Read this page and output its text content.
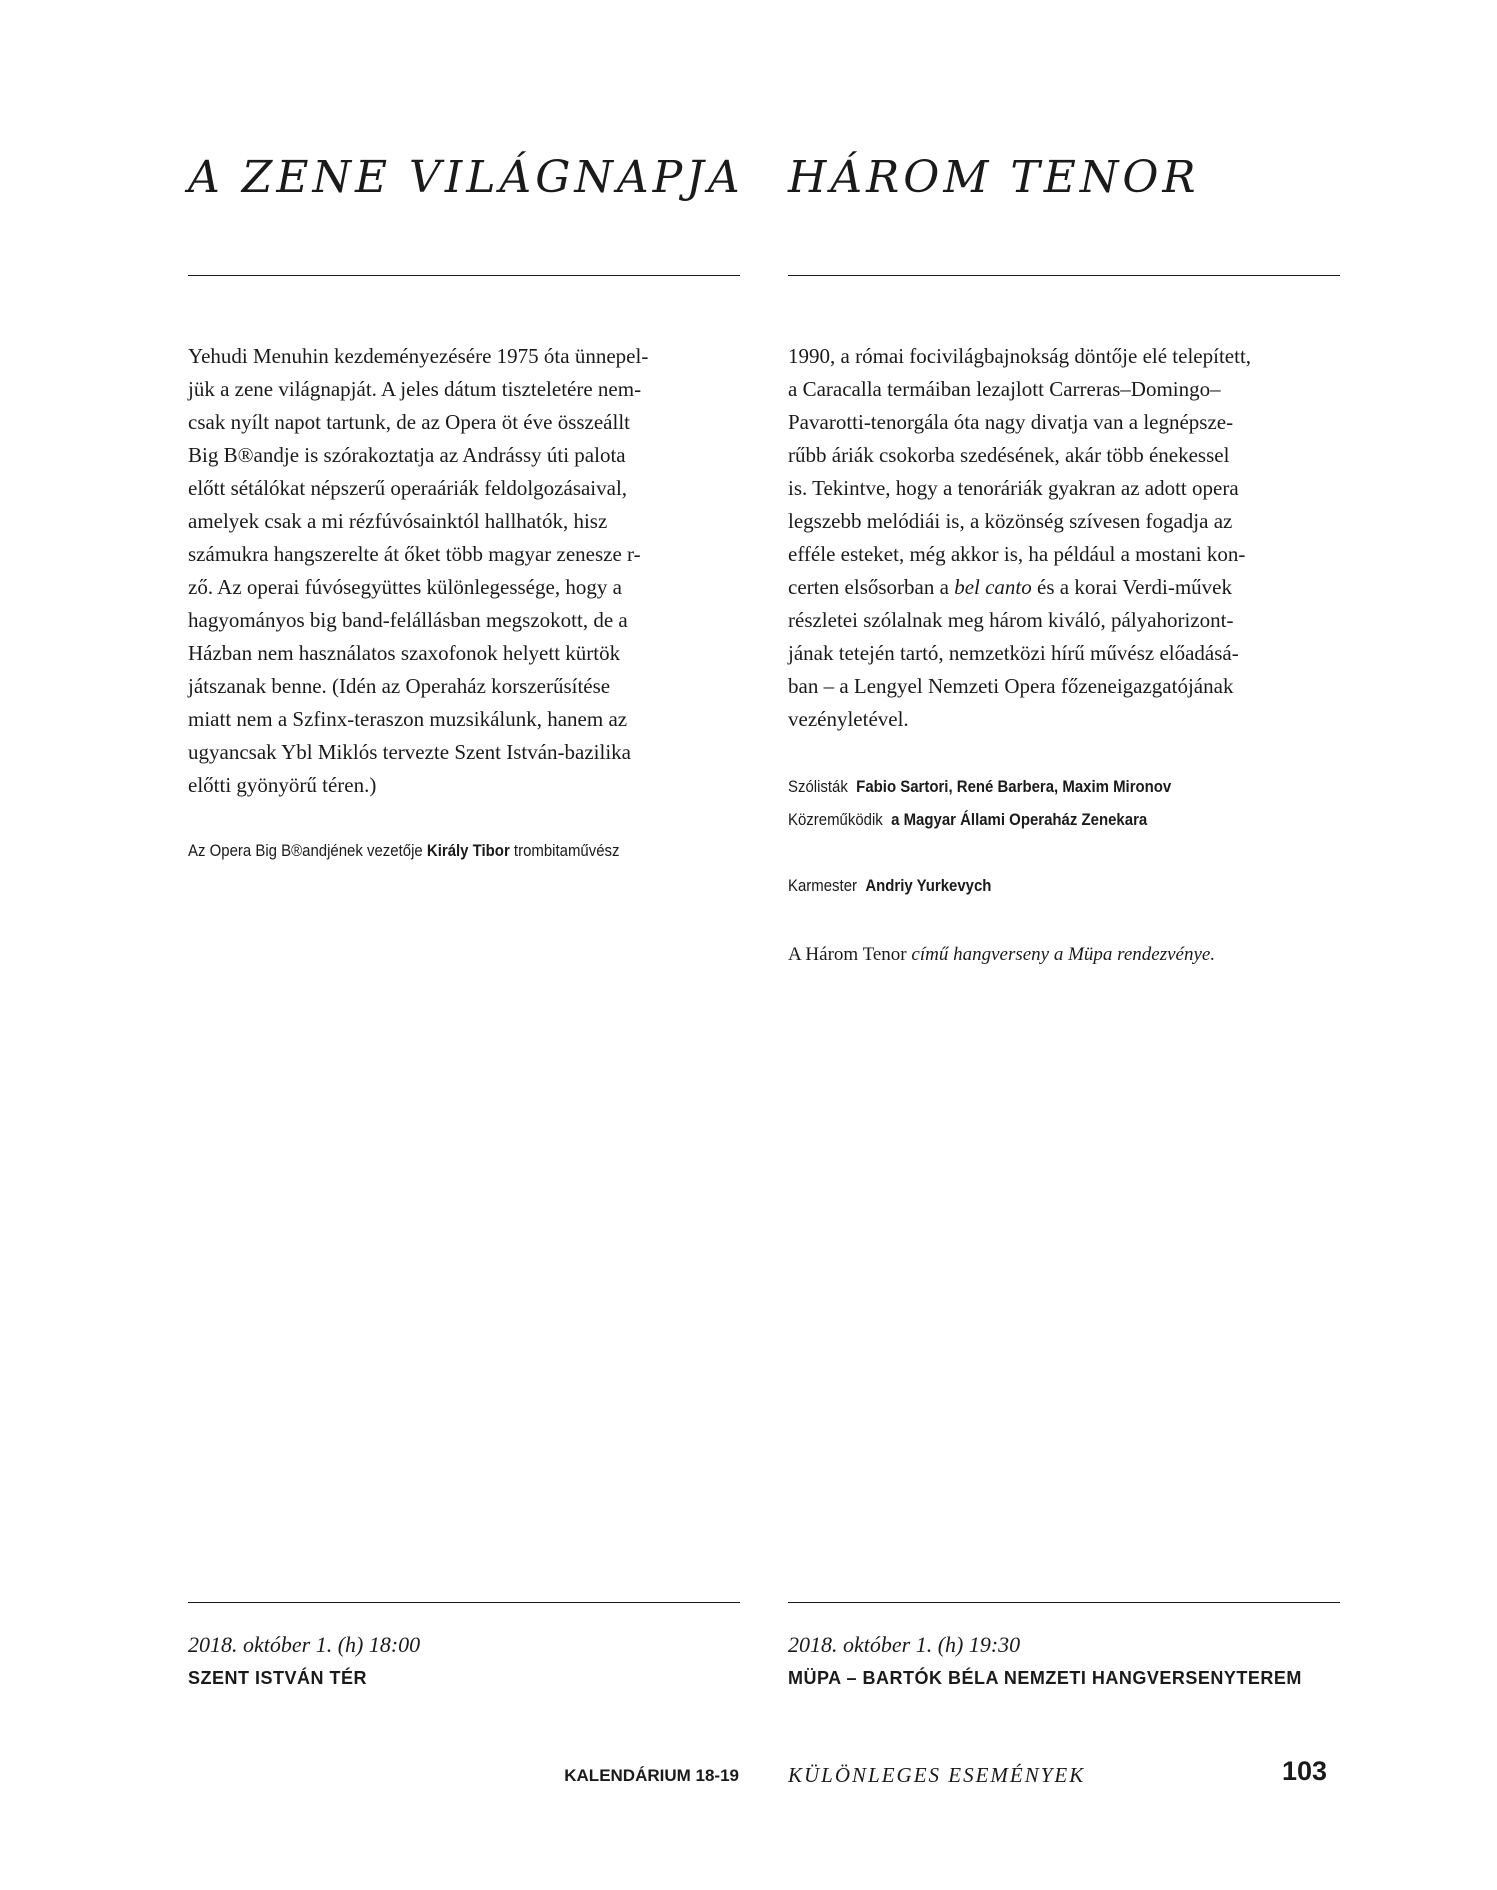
A ZENE VILÁGNAPJA
Yehudi Menuhin kezdeményezésére 1975 óta ünnepel-
jük a zene világnapját. A jeles dátum tiszteletére nem-
csak nyílt napot tartunk, de az Opera öt éve összeállt
Big B®andje is szórakoztatja az Andrássy úti palota
előtt sétálókat népszerű operaáriák feldolgozásaival,
amelyek csak a mi rézfúvósainktól hallhatók, hisz
számukra hangszerelte át őket több magyar zenesze r-
ző. Az operai fúvósegyüttes különlegessége, hogy a
hagyományos big band-felállásban megszokott, de a
Házban nem használatos szaxofonok helyett kürtök
játszanak benne. (Idén az Operaház korszerűsítése
miatt nem a Szfinx-teraszon muzsikálunk, hanem az
ugyancsak Ybl Miklós tervezte Szent István-bazilika
előtti gyönyörű téren.)

Az Opera Big B®andjének vezetője Király Tibor trombitaművész

2018. október 1. (h) 18:00

SZENT ISTVÁN TÉR

HÁROM TENOR
1990, a római focivilágbajnokság döntője elé telepített,
a Caracalla termáiban lezajlott Carreras–Domingo–
Pavarotti-tenorgála óta nagy divatja van a legnépsze-
rűbb áriák csokorba szedésének, akár több énekessel
is. Tekintve, hogy a tenoráriák gyakran az adott opera
legszebb melódiái is, a közönség szívesen fogadja az
efféle esteket, még akkor is, ha például a mostani kon-
certen elsősorban a bel canto és a korai Verdi-művek
részletei szólalnak meg három kiváló, pályahorizont-
jának tetején tartó, nemzetközi hírű művész előadásá-
ban – a Lengyel Nemzeti Opera főzeneigazgatójának
vezényletével.

Szólisták Fabio Sartori, René Barbera, Maxim Mironov

Közreműködik a Magyar Állami Operaház Zenekara

Karmester Andriy Yurkevych

A Három Tenor című hangverseny a Müpa rendezvénye.

2018. október 1. (h) 19:30

MÜPA – BARTÓK BÉLA NEMZETI HANGVERSENYTEREM

KALENDÁRIUM 18-19 KÜLÖNLEGES ESEMÉNYEK	103
